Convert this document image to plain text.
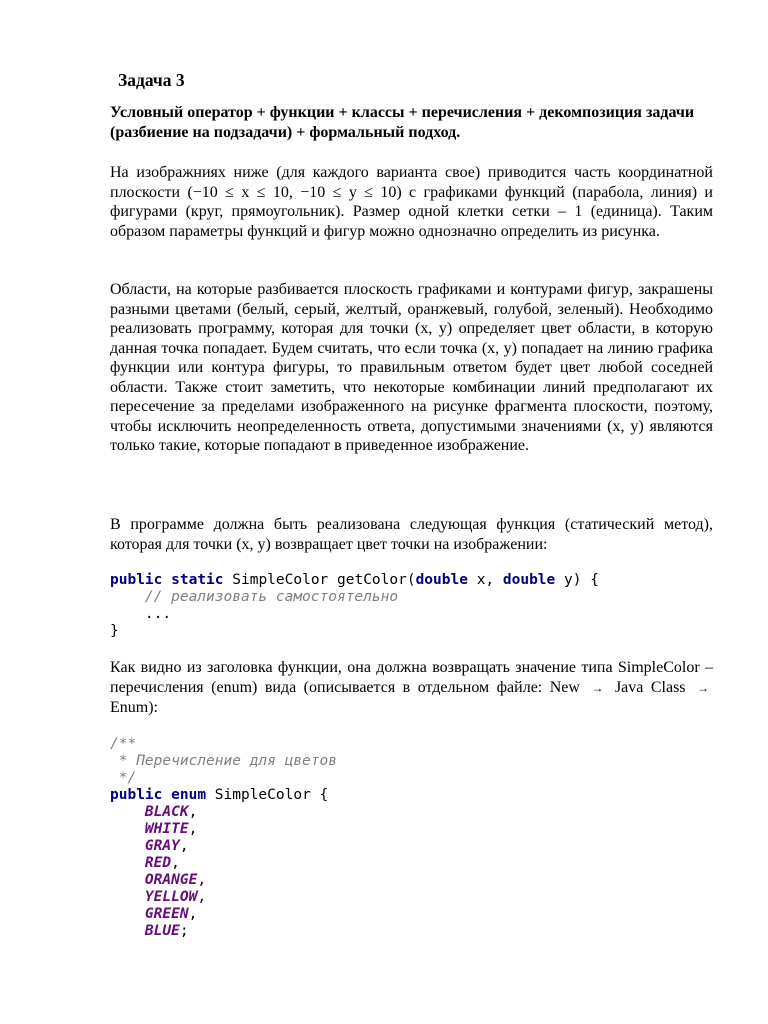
Задача 3
Условный оператор + функции + классы + перечисления + декомпозиция задачи (разбиение на подзадачи) + формальный подход.
На изображниях ниже (для каждого варианта свое) приводится часть координатной плоскости (−10 ≤ x ≤ 10, −10 ≤ y ≤ 10) с графиками функций (парабола, линия) и фигурами (круг, прямоугольник). Размер одной клетки сетки – 1 (единица). Таким образом параметры функций и фигур можно однозначно определить из рисунка.
Области, на которые разбивается плоскость графиками и контурами фигур, закрашены разными цветами (белый, серый, желтый, оранжевый, голубой, зеленый). Необходимо реализовать программу, которая для точки (x, y) определяет цвет области, в которую данная точка попадает. Будем считать, что если точка (x, y) попадает на линию графика функции или контура фигуры, то правильным ответом будет цвет любой соседней области. Также стоит заметить, что некоторые комбинации линий предполагают их пересечение за пределами изображенного на рисунке фрагмента плоскости, поэтому, чтобы исключить неопределенность ответа, допустимыми значениями (x, y) являются только такие, которые попадают в приведенное изображение.
В программе должна быть реализована следующая функция (статический метод), которая для точки (x, y) возвращает цвет точки на изображении:
public static SimpleColor getColor(double x, double y) {
// реализовать самостоятельно
...
}
Как видно из заголовка функции, она должна возвращать значение типа SimpleColor – перечисления (enum) вида (описывается в отдельном файле: New → Java Class → Enum):
/**
* Перечисление для цветов
*/
public enum SimpleColor {
BLACK,
WHITE,
GRAY,
RED,
ORANGE,
YELLOW,
GREEN,
BLUE;
